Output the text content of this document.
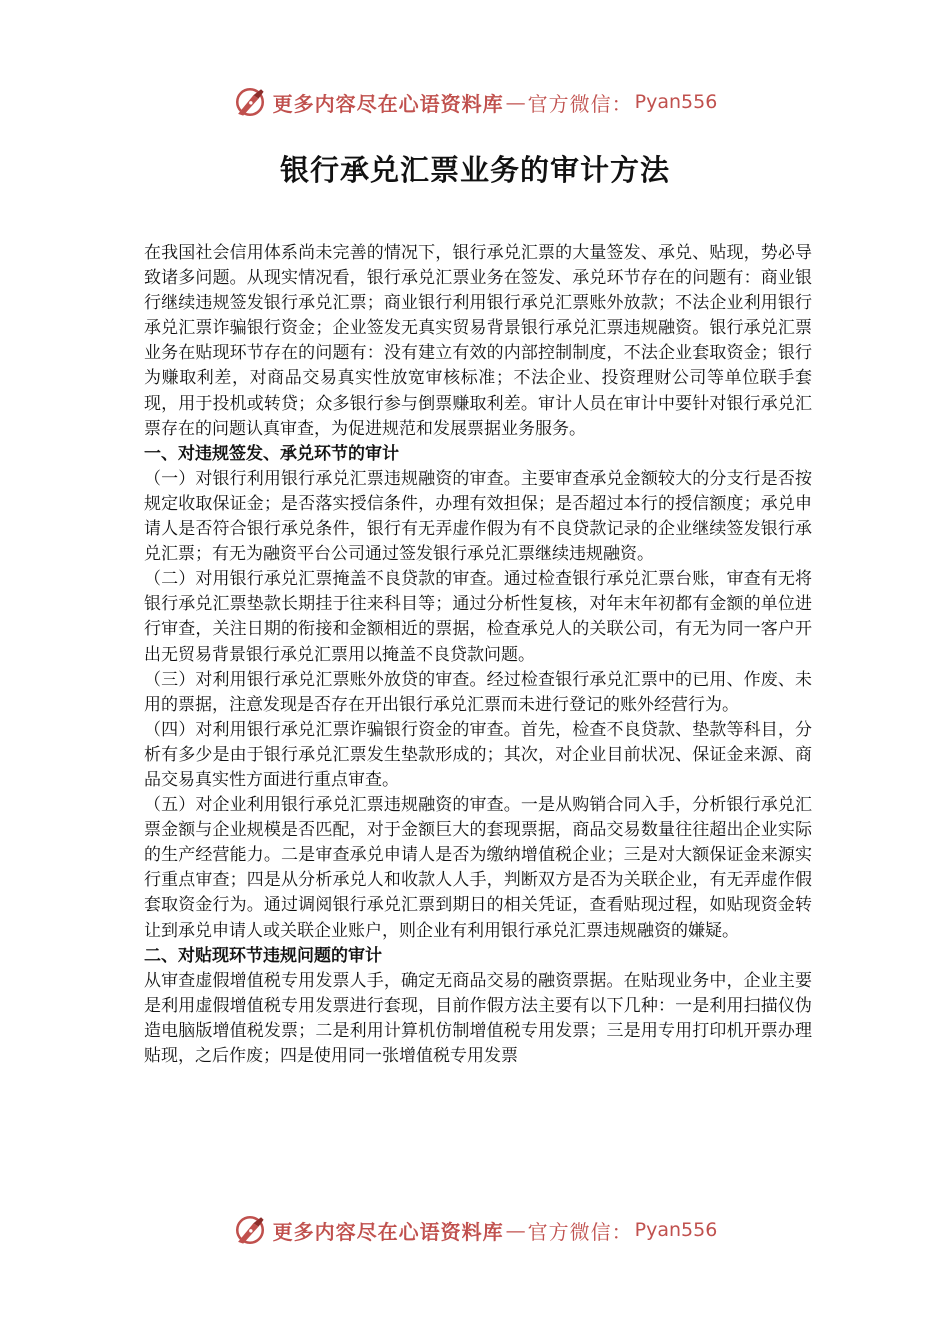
更多内容尽在心语资料库 — 官方微信： Pyan556
银行承兑汇票业务的审计方法

在我国社会信用体系尚未完善的情况下，银行承兑汇票的大量签发、承兑、贴现，势必导致诸多问题。从现实情况看，银行承兑汇票业务在签发、承兑环节存在的问题有：商业银行继续违规签发银行承兑汇票；商业银行利用银行承兑汇票账外放款；不法企业利用银行承兑汇票诈骗银行资金；企业签发无真实贸易背景银行承兑汇票违规融资。银行承兑汇票业务在贴现环节存在的问题有：没有建立有效的内部控制制度，不法企业套取资金；银行为赚取利差，对商品交易真实性放宽审核标准；不法企业、投资理财公司等单位联手套现，用于投机或转贷；众多银行参与倒票赚取利差。审计人员在审计中要针对银行承兑汇票存在的问题认真审查，为促进规范和发展票据业务服务。

一、对违规签发、承兑环节的审计

（一）对银行利用银行承兑汇票违规融资的审查。主要审查承兑金额较大的分支行是否按规定收取保证金；是否落实授信条件，办理有效担保；是否超过本行的授信额度；承兑申请人是否符合银行承兑条件，银行有无弄虚作假为有不良贷款记录的企业继续签发银行承兑汇票；有无为融资平台公司通过签发银行承兑汇票继续违规融资。

（二）对用银行承兑汇票掩盖不良贷款的审查。通过检查银行承兑汇票台账，审查有无将银行承兑汇票垫款长期挂于往来科目等；通过分析性复核，对年末年初都有金额的单位进行审查，关注日期的衔接和金额相近的票据，检查承兑人的关联公司，有无为同一客户开出无贸易背景银行承兑汇票用以掩盖不良贷款问题。

（三）对利用银行承兑汇票账外放贷的审查。经过检查银行承兑汇票中的已用、作废、未用的票据，注意发现是否存在开出银行承兑汇票而未进行登记的账外经营行为。

（四）对利用银行承兑汇票诈骗银行资金的审查。首先，检查不良贷款、垫款等科目，分析有多少是由于银行承兑汇票发生垫款形成的；其次，对企业目前状况、保证金来源、商品交易真实性方面进行重点审查。

（五）对企业利用银行承兑汇票违规融资的审查。一是从购销合同入手，分析银行承兑汇票金额与企业规模是否匹配，对于金额巨大的套现票据，商品交易数量往往超出企业实际的生产经营能力。二是审查承兑申请人是否为缴纳增值税企业；三是对大额保证金来源实行重点审查；四是从分析承兑人和收款人人手，判断双方是否为关联企业，有无弄虚作假套取资金行为。通过调阅银行承兑汇票到期日的相关凭证，查看贴现过程，如贴现资金转让到承兑申请人或关联企业账户，则企业有利用银行承兑汇票违规融资的嫌疑。

二、对贴现环节违规问题的审计

从审查虚假增值税专用发票人手，确定无商品交易的融资票据。在贴现业务中，企业主要是利用虚假增值税专用发票进行套现，目前作假方法主要有以下几种：一是利用扫描仪伪造电脑版增值税发票；二是利用计算机仿制增值税专用发票；三是用专用打印机开票办理贴现，之后作废；四是使用同一张增值税专用发票

更多内容尽在心语资料库 — 官方微信： Pyan556
